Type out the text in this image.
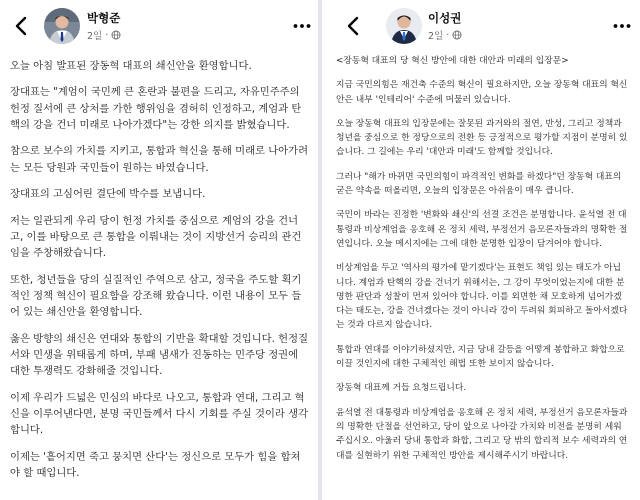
박형준
2일 ·

오늘 아침 발표된 장동혁 대표의 쇄신안을 환영합니다.

장대표는 "계엄이 국민께 큰 혼란과 불편을 드리고, 자유민주주의 헌정 질서에 큰 상처를 가한 행위임을 겸허히 인정하고, 계엄과 탄핵의 강을 건너 미래로 나아가겠다"는 강한 의지를 밝혔습니다.

참으로 보수의 가치를 지키고, 통합과 혁신을 통해 미래로 나아가려는 모든 당원과 국민들이 원하는 바였습니다.

장대표의 고심어린 결단에 박수를 보냅니다.

저는 일관되게 우리 당이 헌정 가치를 중심으로 계엄의 강을 건너고, 이를 바탕으로 큰 통합을 이뤄내는 것이 지방선거 승리의 관건임을 주창해왔습니다.

또한, 청년들을 당의 실질적인 주역으로 삼고, 정국을 주도할 획기적인 정책 혁신이 필요함을 강조해 왔습니다. 이런 내용이 모두 들어 있는 쇄신안을 환영합니다.

옳은 방향의 쇄신은 연대와 통합의 기반을 확대할 것입니다. 헌정질서와 민생을 위태롭게 하며, 부패 냄새가 진동하는 민주당 정권에 대한 투쟁력도 강화해줄 것입니다.

이제 우리가 드넓은 민심의 바다로 나오고, 통합과 연대, 그리고 혁신을 이루어낸다면, 분명 국민들께서 다시 기회를 주실 것이라 생각합니다.

이제는 '흩어지면 죽고 뭉치면 산다'는 정신으로 모두가 힘을 합쳐야 할 때입니다.

이성권
2일 ·

<장동혁 대표의 당 혁신 방안에 대한 대안과 미래의 입장문>

지금 국민의힘은 재건축 수준의 혁신이 필요하지만, 오늘 장동혁 대표의 혁신안은 내부 '인테리어' 수준에 머물러 있습니다.

오늘 장동혁 대표의 입장문에는 잘못된 과거와의 절연, 반성, 그리고 정책과 청년을 중심으로 한 정당으로의 전환 등 긍정적으로 평가할 지점이 분명히 있습니다. 그 길에는 우리 '대안과 미래'도 함께할 것입니다.

그러나 "해가 바뀌면 국민의힘이 파격적인 변화를 하겠다"던 장동혁 대표의 굳은 약속을 떠올리면, 오늘의 입장문은 아쉬움이 매우 큽니다.

국민이 바라는 진정한 '변화와 쇄신'의 선결 조건은 분명합니다. 윤석열 전 대통령과 비상계엄을 옹호해 온 정치 세력, 부정선거 음모론자들과의 명확한 절연입니다. 오늘 메시지에는 그에 대한 분명한 입장이 담겨어야 합니다.

비상계엄을 두고 '역사의 평가에 맡기겠다'는 표현도 책임 있는 태도가 아닙니다. 계엄과 탄핵의 강을 건너기 위해서는, 그 강이 무엇이었는지에 대한 분명한 판단과 성찰이 먼저 있어야 합니다. 이를 외면한 채 모호하게 넘어가겠다는 태도는, 강을 건너겠다는 것이 아니라 강이 두려워 회피하고 돌아서겠다는 것과 다르지 않습니다.

통합과 연대를 이야기하셨지만, 지금 당내 갈등을 어떻게 봉합하고 화합으로 이끌 것인지에 대한 구체적인 해법 또한 보이지 않습니다.

장동혁 대표께 거듭 요청드립니다.

윤석열 전 대통령과 비상계엄을 옹호해 온 정치 세력, 부정선거 음모론자들과의 명확한 단절을 선언하고, 당이 앞으로 나아갈 가치와 비전을 분명히 세워주십시오. 아울러 당내 통합과 화합, 그리고 당 밖의 합리적 보수 세력과의 연대를 실현하기 위한 구체적인 방안을 제시해주시기 바랍니다.
